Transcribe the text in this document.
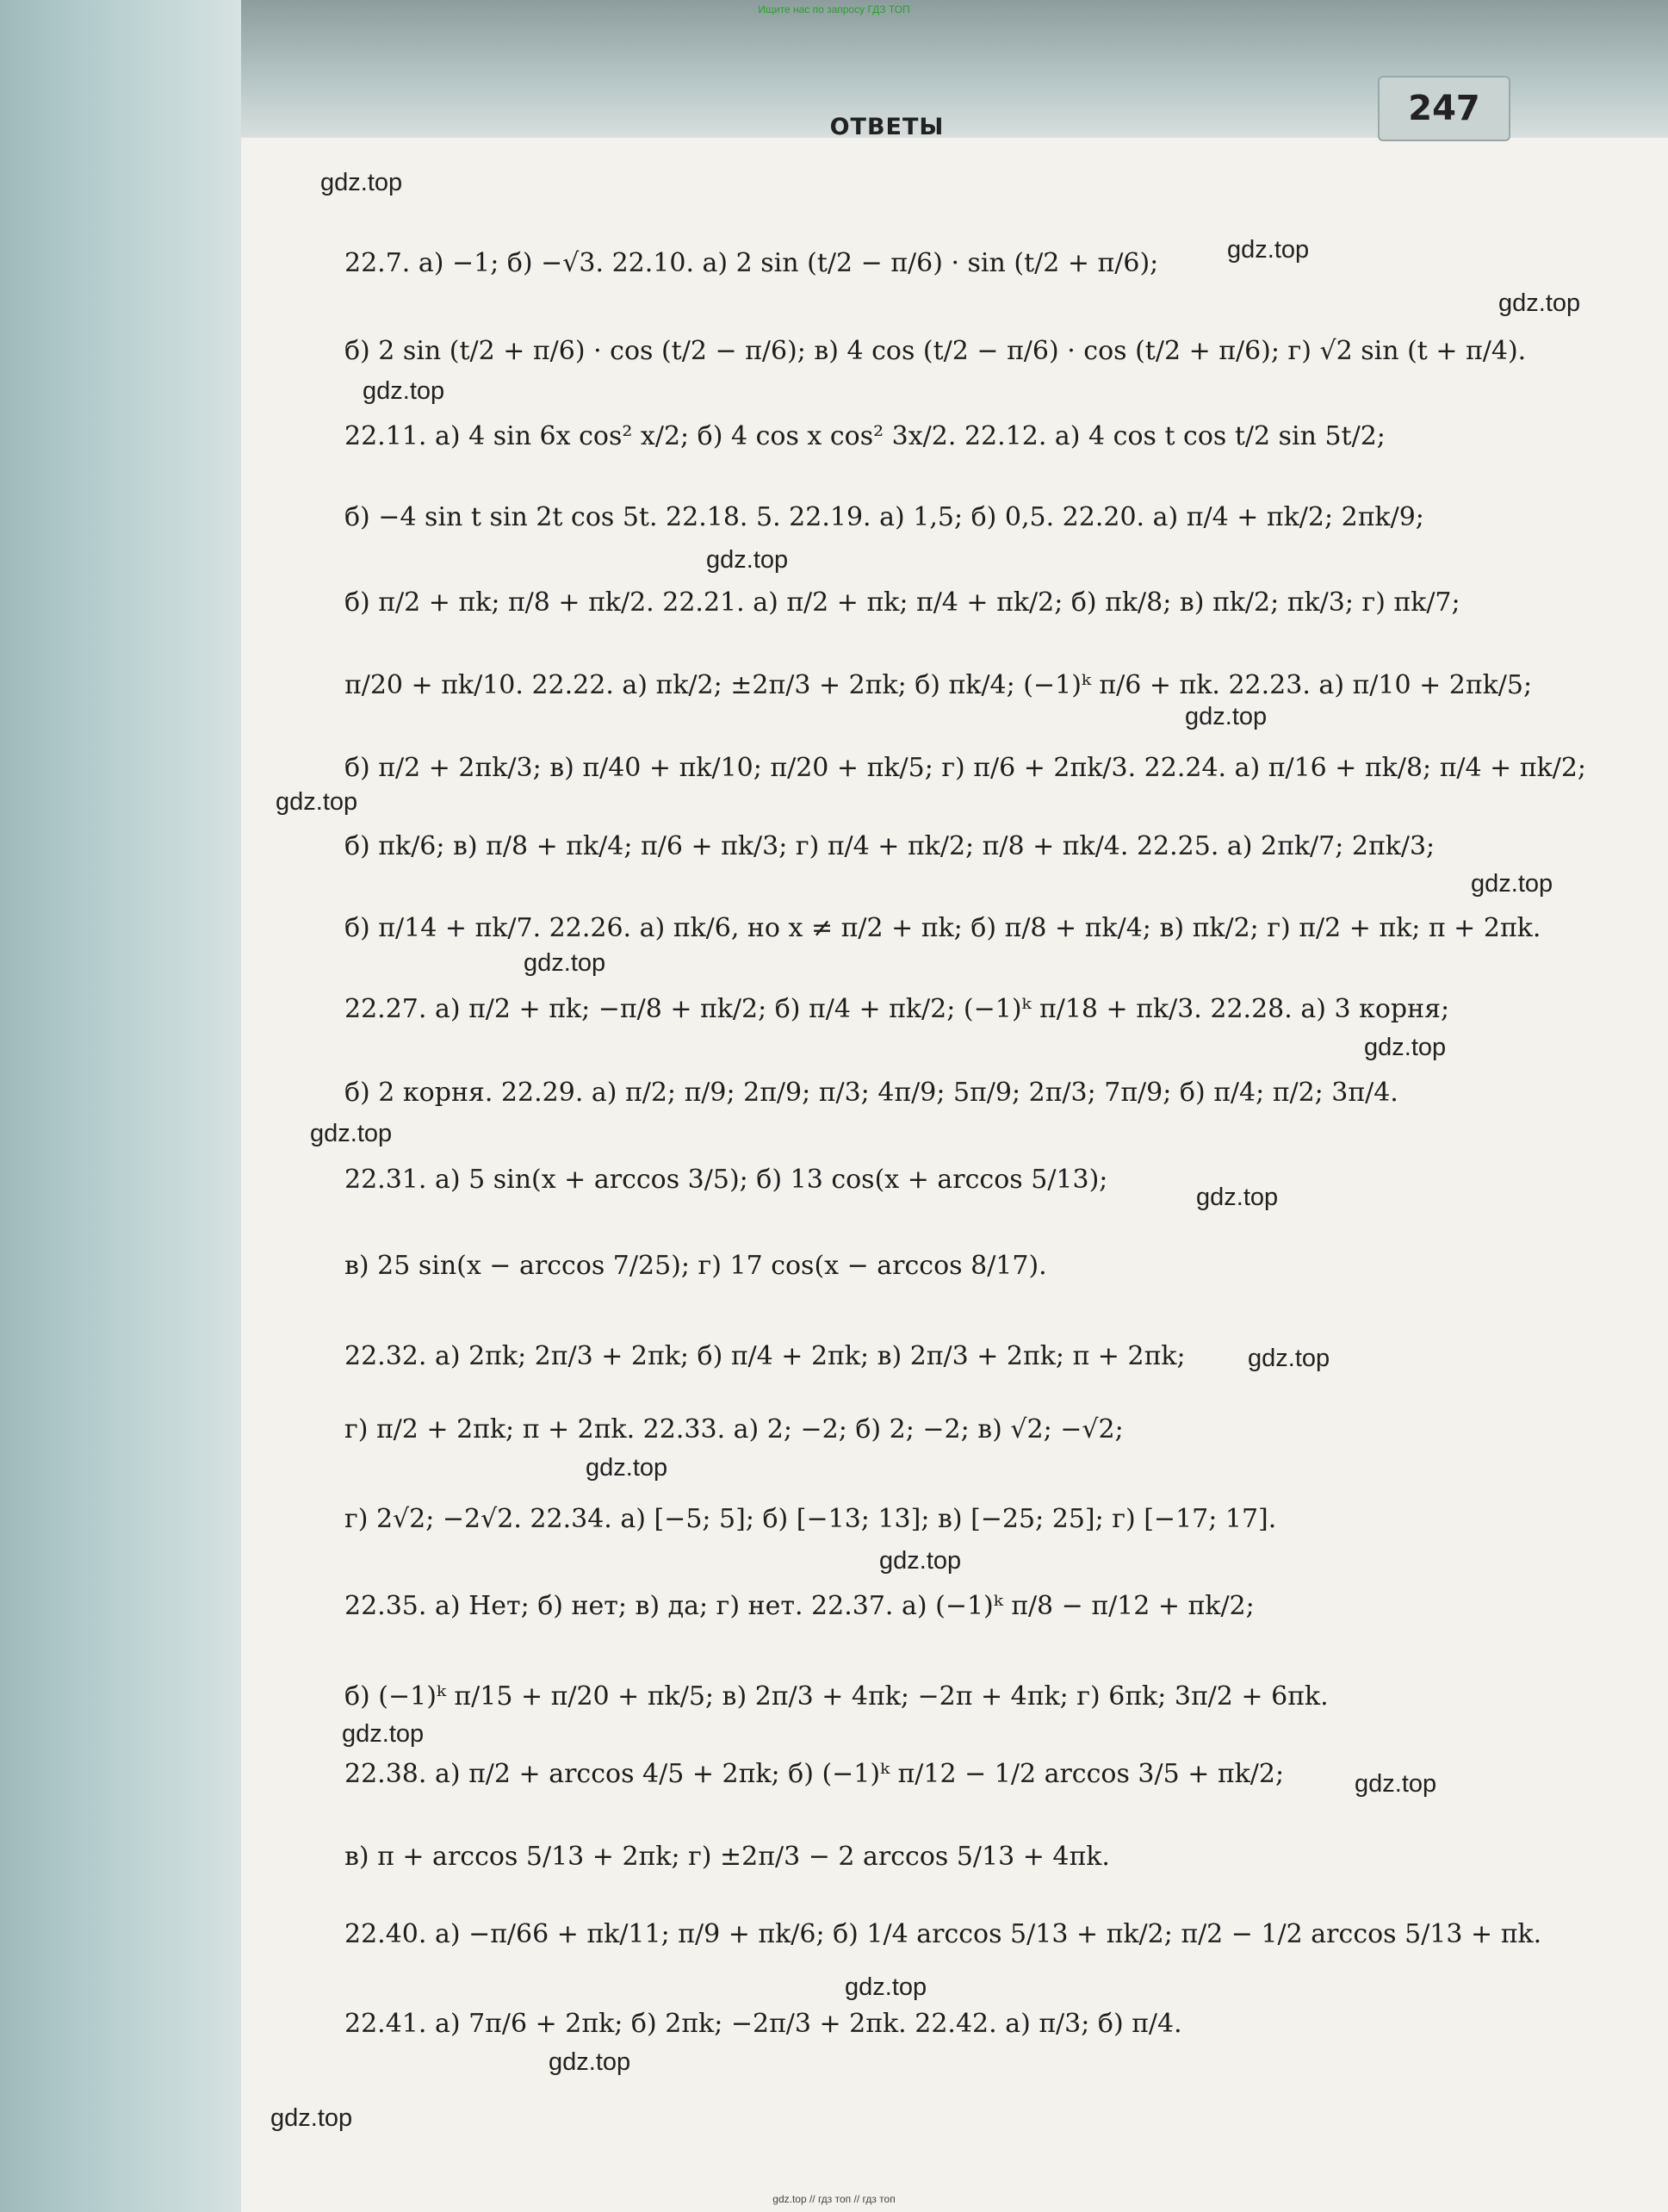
Ищите нас по запросу ГДЗ ТОП
ОТВЕТЫ	247
gdz.top
gdz.top
gdz.top
gdz.top
gdz.top
gdz.top
gdz.top
gdz.top
gdz.top
gdz.top
gdz.top
gdz.top
gdz.top
gdz.top
gdz.top
gdz.top
gdz.top
gdz.top
gdz.top
gdz.top
22.7. а) −1; б) −√3. 22.10. а) 2 sin (t/2 − π/6) · sin (t/2 + π/6);
б) 2 sin (t/2 + π/6) · cos (t/2 − π/6); в) 4 cos (t/2 − π/6) · cos (t/2 + π/6); г) √2 sin (t + π/4).
22.11. а) 4 sin 6x cos² x/2; б) 4 cos x cos² 3x/2. 22.12. а) 4 cos t cos t/2 sin 5t/2;
б) −4 sin t sin 2t cos 5t. 22.18. 5. 22.19. а) 1,5; б) 0,5. 22.20. а) π/4 + πk/2; 2πk/9;
б) π/2 + πk; π/8 + πk/2. 22.21. а) π/2 + πk; π/4 + πk/2; б) πk/8; в) πk/2; πk/3; г) πk/7;
π/20 + πk/10. 22.22. а) πk/2; ±2π/3 + 2πk; б) πk/4; (−1)ᵏ π/6 + πk. 22.23. а) π/10 + 2πk/5;
б) π/2 + 2πk/3; в) π/40 + πk/10; π/20 + πk/5; г) π/6 + 2πk/3. 22.24. а) π/16 + πk/8; π/4 + πk/2;
б) πk/6; в) π/8 + πk/4; π/6 + πk/3; г) π/4 + πk/2; π/8 + πk/4. 22.25. а) 2πk/7; 2πk/3;
б) π/14 + πk/7. 22.26. а) πk/6, но x ≠ π/2 + πk; б) π/8 + πk/4; в) πk/2; г) π/2 + πk; π + 2πk.
22.27. а) π/2 + πk; −π/8 + πk/2; б) π/4 + πk/2; (−1)ᵏ π/18 + πk/3. 22.28. а) 3 корня;
б) 2 корня. 22.29. а) π/2; π/9; 2π/9; π/3; 4π/9; 5π/9; 2π/3; 7π/9; б) π/4; π/2; 3π/4.
22.31. а) 5 sin(x + arccos 3/5); б) 13 cos(x + arccos 5/13);
в) 25 sin(x − arccos 7/25); г) 17 cos(x − arccos 8/17).
22.32. а) 2πk; 2π/3 + 2πk; б) π/4 + 2πk; в) 2π/3 + 2πk; π + 2πk;
г) π/2 + 2πk; π + 2πk. 22.33. а) 2; −2; б) 2; −2; в) √2; −√2;
г) 2√2; −2√2. 22.34. а) [−5; 5]; б) [−13; 13]; в) [−25; 25]; г) [−17; 17].
22.35. а) Нет; б) нет; в) да; г) нет. 22.37. а) (−1)ᵏ π/8 − π/12 + πk/2;
б) (−1)ᵏ π/15 + π/20 + πk/5; в) 2π/3 + 4πk; −2π + 4πk; г) 6πk; 3π/2 + 6πk.
22.38. а) π/2 + arccos 4/5 + 2πk; б) (−1)ᵏ π/12 − 1/2 arccos 3/5 + πk/2;
в) π + arccos 5/13 + 2πk; г) ±2π/3 − 2 arccos 5/13 + 4πk.
22.40. а) −π/66 + πk/11; π/9 + πk/6; б) 1/4 arccos 5/13 + πk/2; π/2 − 1/2 arccos 5/13 + πk.
22.41. а) 7π/6 + 2πk; б) 2πk; −2π/3 + 2πk. 22.42. а) π/3; б) π/4.
gdz.top // гдз топ // гдз топ
